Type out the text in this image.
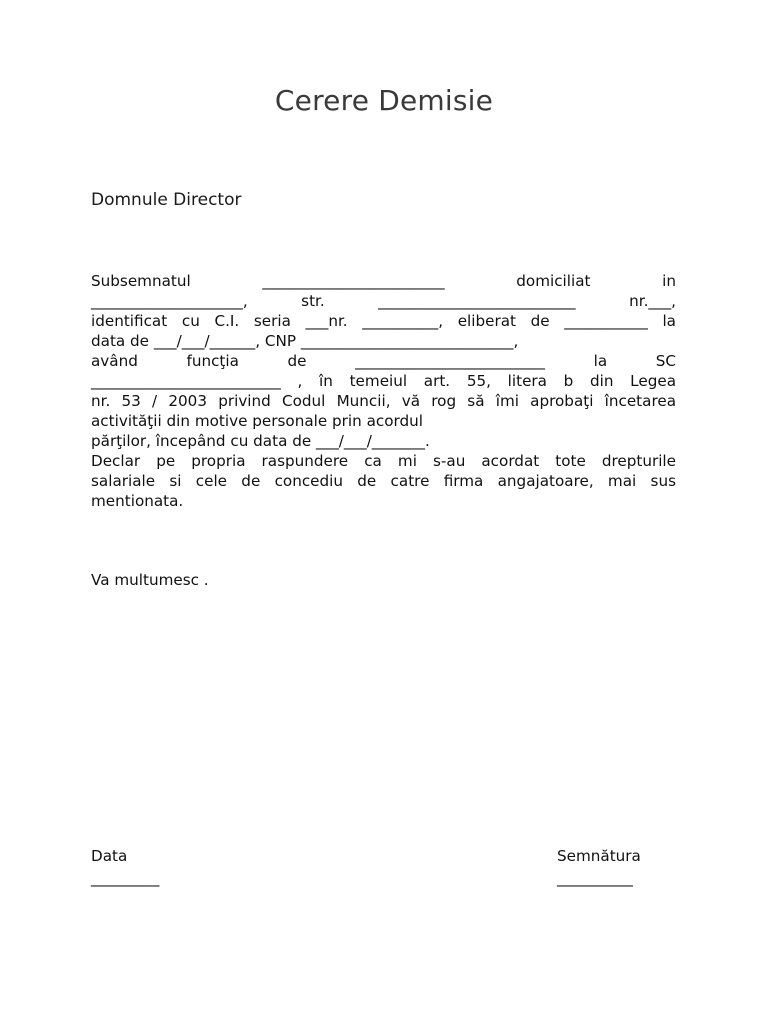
Cerere Demisie
Domnule Director
Subsemnatul ________________________ domiciliat in
____________________, str. __________________________ nr.___,
identificat cu C.I. seria ___nr. __________, eliberat de ___________ la
data de ___/___/______, CNP ____________________________,
având funcţia de _________________________ la SC
_________________________ , în temeiul art. 55, litera b din Legea
nr. 53 / 2003 privind Codul Muncii, vă rog să îmi aprobaţi încetarea
activităţii din motive personale prin acordul
părţilor, începând cu data de ___/___/_______.
Declar pe propria raspundere ca mi s-au acordat tote drepturile
salariale si cele de concediu de catre firma angajatoare, mai sus
mentionata.
Va multumesc .
Data
_________
Semnătura
__________
